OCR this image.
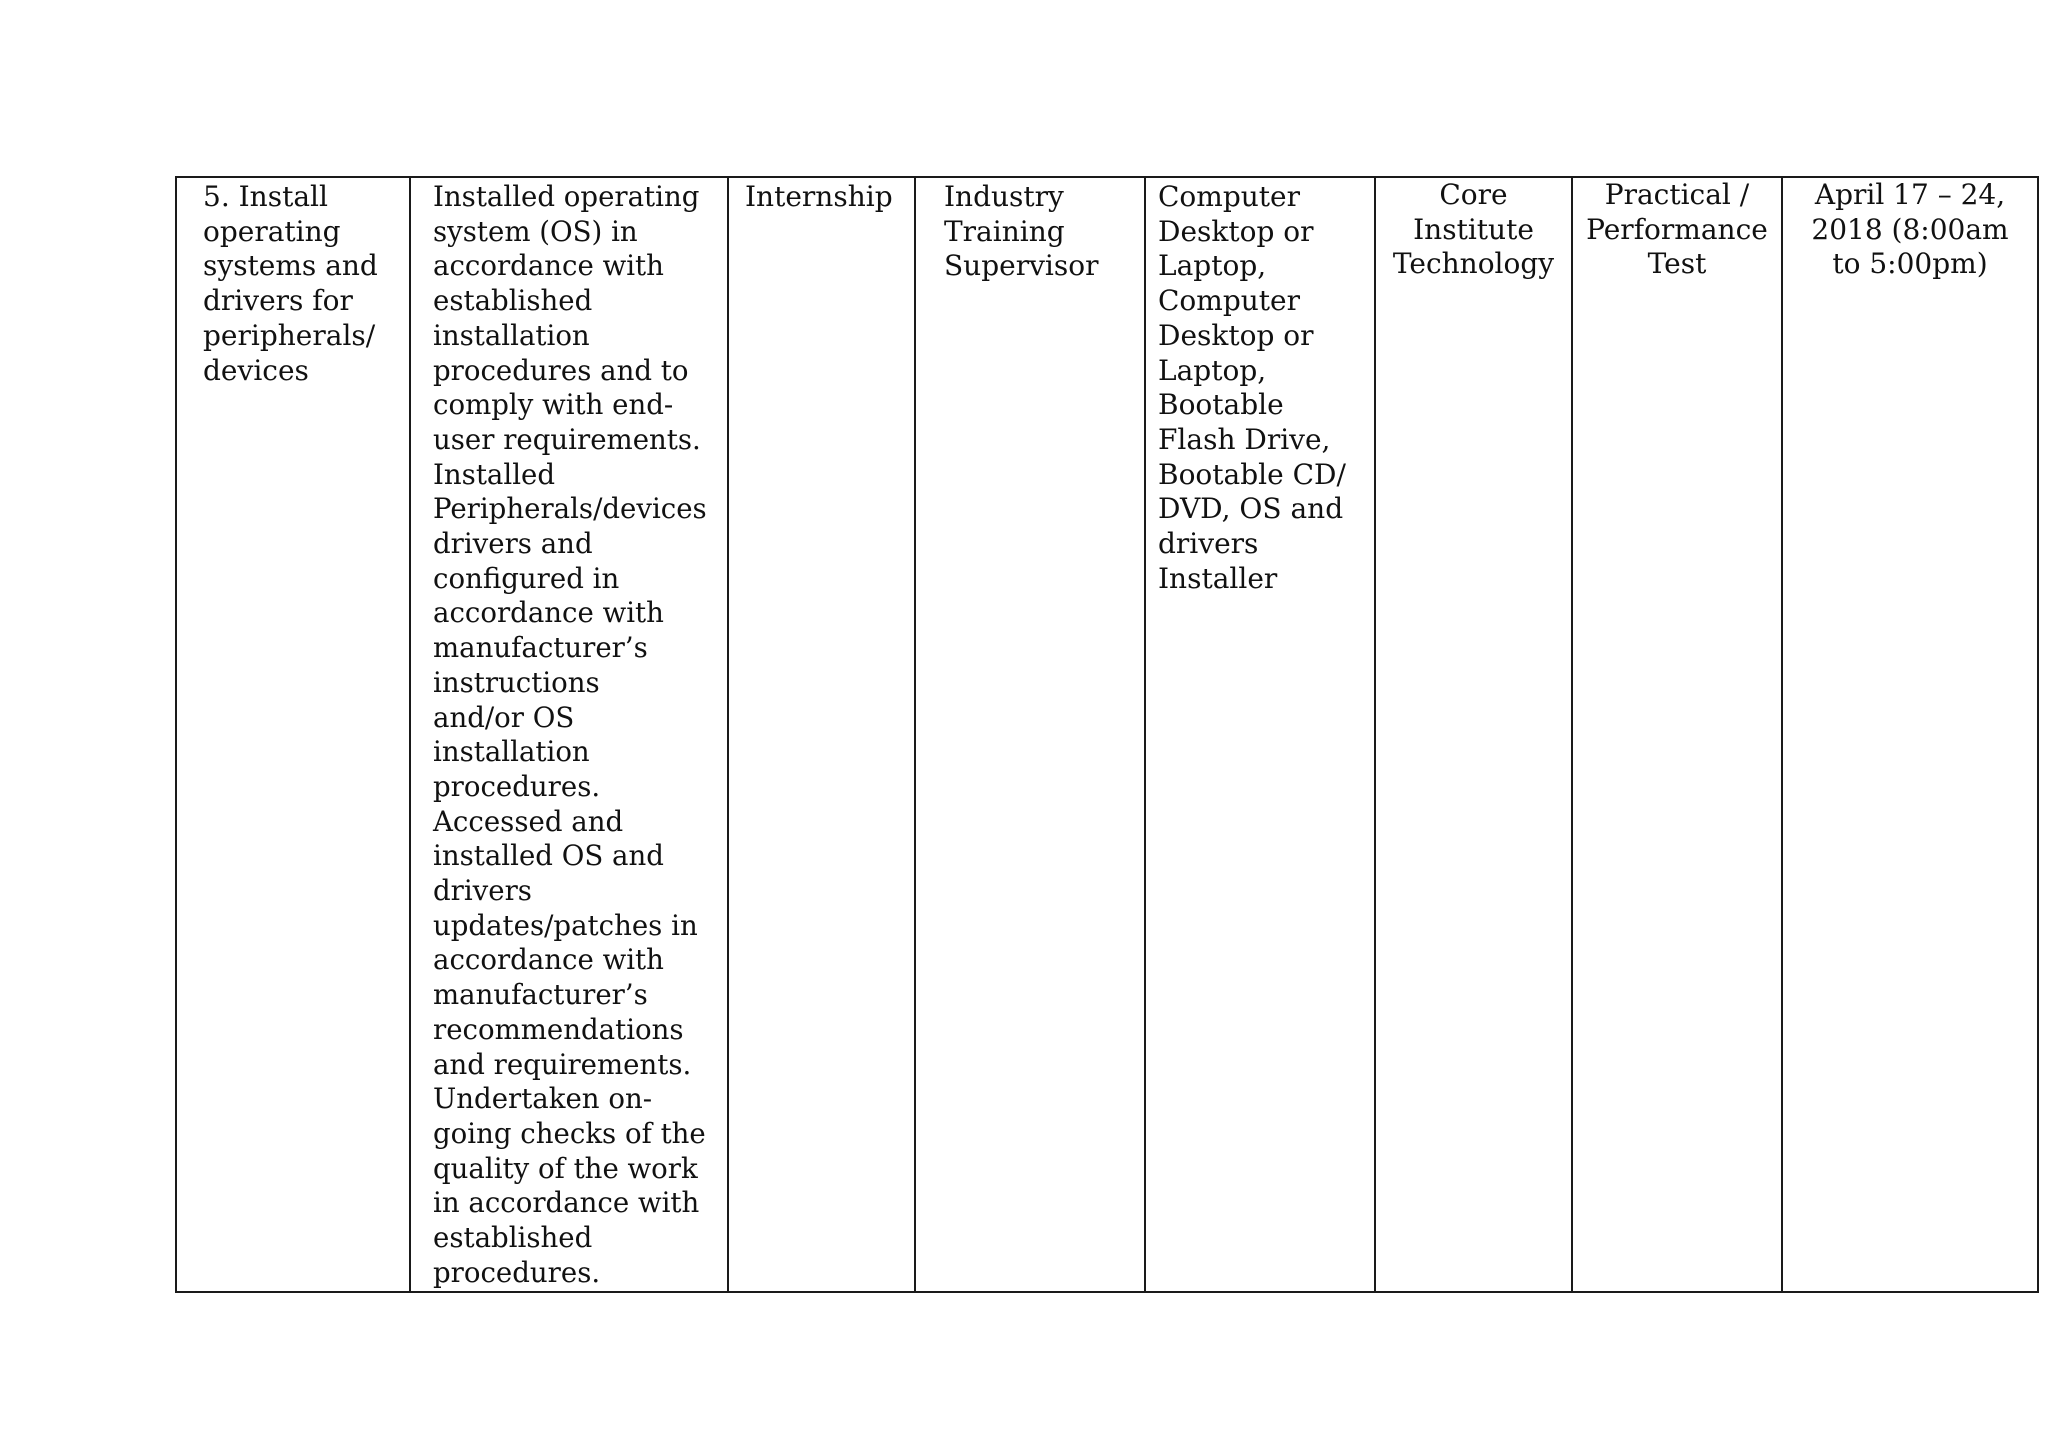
5. Install
operating
systems and
drivers for
peripherals/
devices

Installed operating
system (OS) in
accordance with
established
installation
procedures and to
comply with end-
user requirements.
Installed
Peripherals/devices
drivers and
configured in
accordance with
manufacturer’s
instructions
and/or OS
installation
procedures.
Accessed and
installed OS and
drivers
updates/patches in
accordance with
manufacturer’s
recommendations
and requirements.
Undertaken on-
going checks of the
quality of the work
in accordance with
established
procedures.

Internship	Industry
Training
Supervisor

Computer
Desktop or
Laptop,
Computer
Desktop or
Laptop,
Bootable
Flash Drive,
Bootable CD/
DVD, OS and
drivers
Installer

Core
Institute
Technology

Practical /
Performance
Test

April 17 – 24,
2018 (8:00am
to 5:00pm)
